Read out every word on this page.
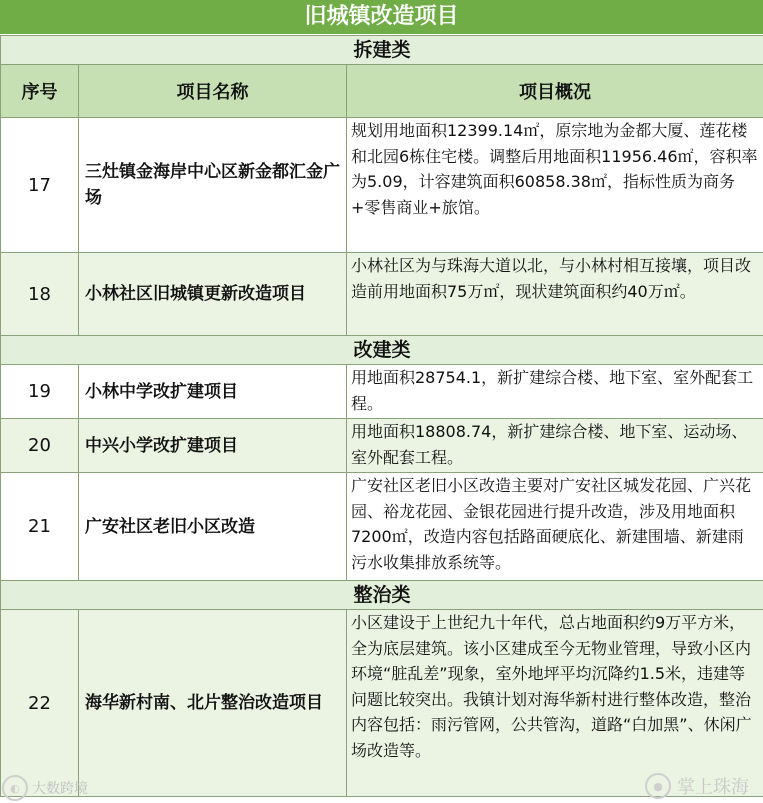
旧城镇改造项目
拆建类		
序号	项目名称	项目概况
17	三灶镇金海岸中心区新金都汇金广场	规划用地面积12399.14㎡，原宗地为金都大厦、莲花楼和北园6栋住宅楼。调整后用地面积11956.46㎡，容积率为5.09，计容建筑面积60858.38㎡，指标性质为商务+零售商业+旅馆。
18	小林社区旧城镇更新改造项目	小林社区为与珠海大道以北，与小林村相互接壤，项目改造前用地面积75万㎡，现状建筑面积约40万㎡。
改建类		
19	小林中学改扩建项目	用地面积28754.1，新扩建综合楼、地下室、室外配套工程。
20	中兴小学改扩建项目	用地面积18808.74，新扩建综合楼、地下室、运动场、室外配套工程。
21	广安社区老旧小区改造	广安社区老旧小区改造主要对广安社区城发花园、广兴花园、裕龙花园、金银花园进行提升改造，涉及用地面积7200㎡，改造内容包括路面硬底化、新建围墙、新建雨污水收集排放系统等。
整治类		
22	海华新村南、北片整治改造项目	小区建设于上世纪九十年代，总占地面积约9万平方米，全为底层建筑。该小区建成至今无物业管理，导致小区内环境“脏乱差”现象，室外地坪平均沉降约1.5米，违建等问题比较突出。我镇计划对海华新村进行整体改造，整治内容包括：雨污管网，公共管沟，道路“白加黑”、休闲广场改造等。
◐ 大数跨境	● 掌上珠海
